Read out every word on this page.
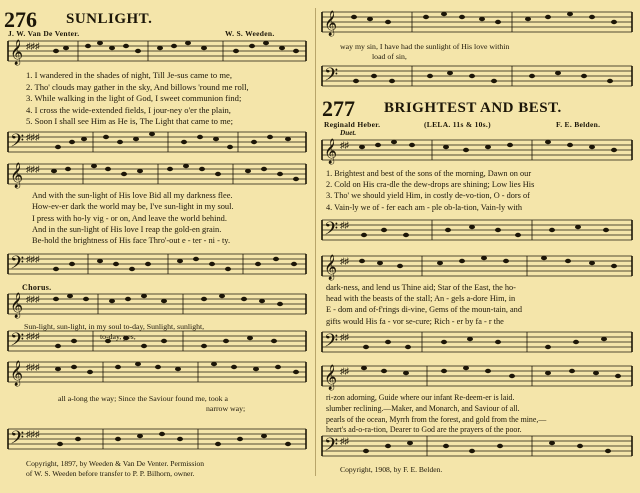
276 SUNLIGHT.
J. W. Van De Venter.	W. S. Weeden.
𝄞 ♯♯♯
1. I wandered in the shades of night, Till Je-sus came to me,
2. Tho' clouds may gather in the sky, And billows 'round me roll,
3. While walking in the light of God, I sweet communion find;
4. I cross the wide-extended fields, I jour-ney o'er the plain,
5. Soon I shall see Him as He is, The Light that came to me;
𝄢 ♯♯♯
𝄞 ♯♯♯
And with the sun-light of His love Bid all my darkness flee.
How-ev-er dark the world may be, I've sun-light in my soul.
I press with ho-ly vig - or on, And leave the world behind.
And in the sun-light of His love I reap the gold-en grain.
Be-hold the brightness of His face Thro'-out e - ter - ni - ty.
𝄢 ♯♯♯
Chorus.
𝄞 ♯♯♯
Sun-light, sun-light, in my soul to-day, Sunlight, sunlight,
𝄢 ♯♯♯	to-day, yes,
𝄞 ♯♯♯
all a-long the way; Since the Saviour found me, took a
narrow way;
𝄢 ♯♯♯
Copyright, 1897, by Weeden & Van De Venter. Permission
of W. S. Weeden before transfer to P. P. Bilhorn, owner.
𝄞
way my sin, I have had the sunlight of His love within
load of sin,
𝄢
277 BRIGHTEST AND BEST.
Reginald Heber.	(LELA. 11s & 10s.)	F. E. Belden.
Duet.
𝄞 ♯♯
1. Brightest and best of the sons of the morning, Dawn on our
2. Cold on His cra-dle the dew-drops are shining; Low lies His
3. Tho' we should yield Him, in costly de-vo-tion, O - dors of
4. Vain-ly we of - fer each am - ple ob-la-tion, Vain-ly with
𝄢 ♯♯
𝄞 ♯♯
dark-ness, and lend us Thine aid; Star of the East, the ho-
head with the beasts of the stall; An - gels a-dore Him, in
E - dom and of-f'rings di-vine, Gems of the moun-tain, and
gifts would His fa - vor se-cure; Rich - er by fa - r the
𝄢 ♯♯
𝄞 ♯♯
ri-zon adorning, Guide where our infant Re-deem-er is laid.
slumber reclining.—Maker, and Monarch, and Saviour of all.
pearls of the ocean, Myrrh from the forest, and gold from the mine,—
heart's ad-o-ra-tion, Dearer to God are the prayers of the poor.
𝄢 ♯♯
Copyright, 1908, by F. E. Belden.
